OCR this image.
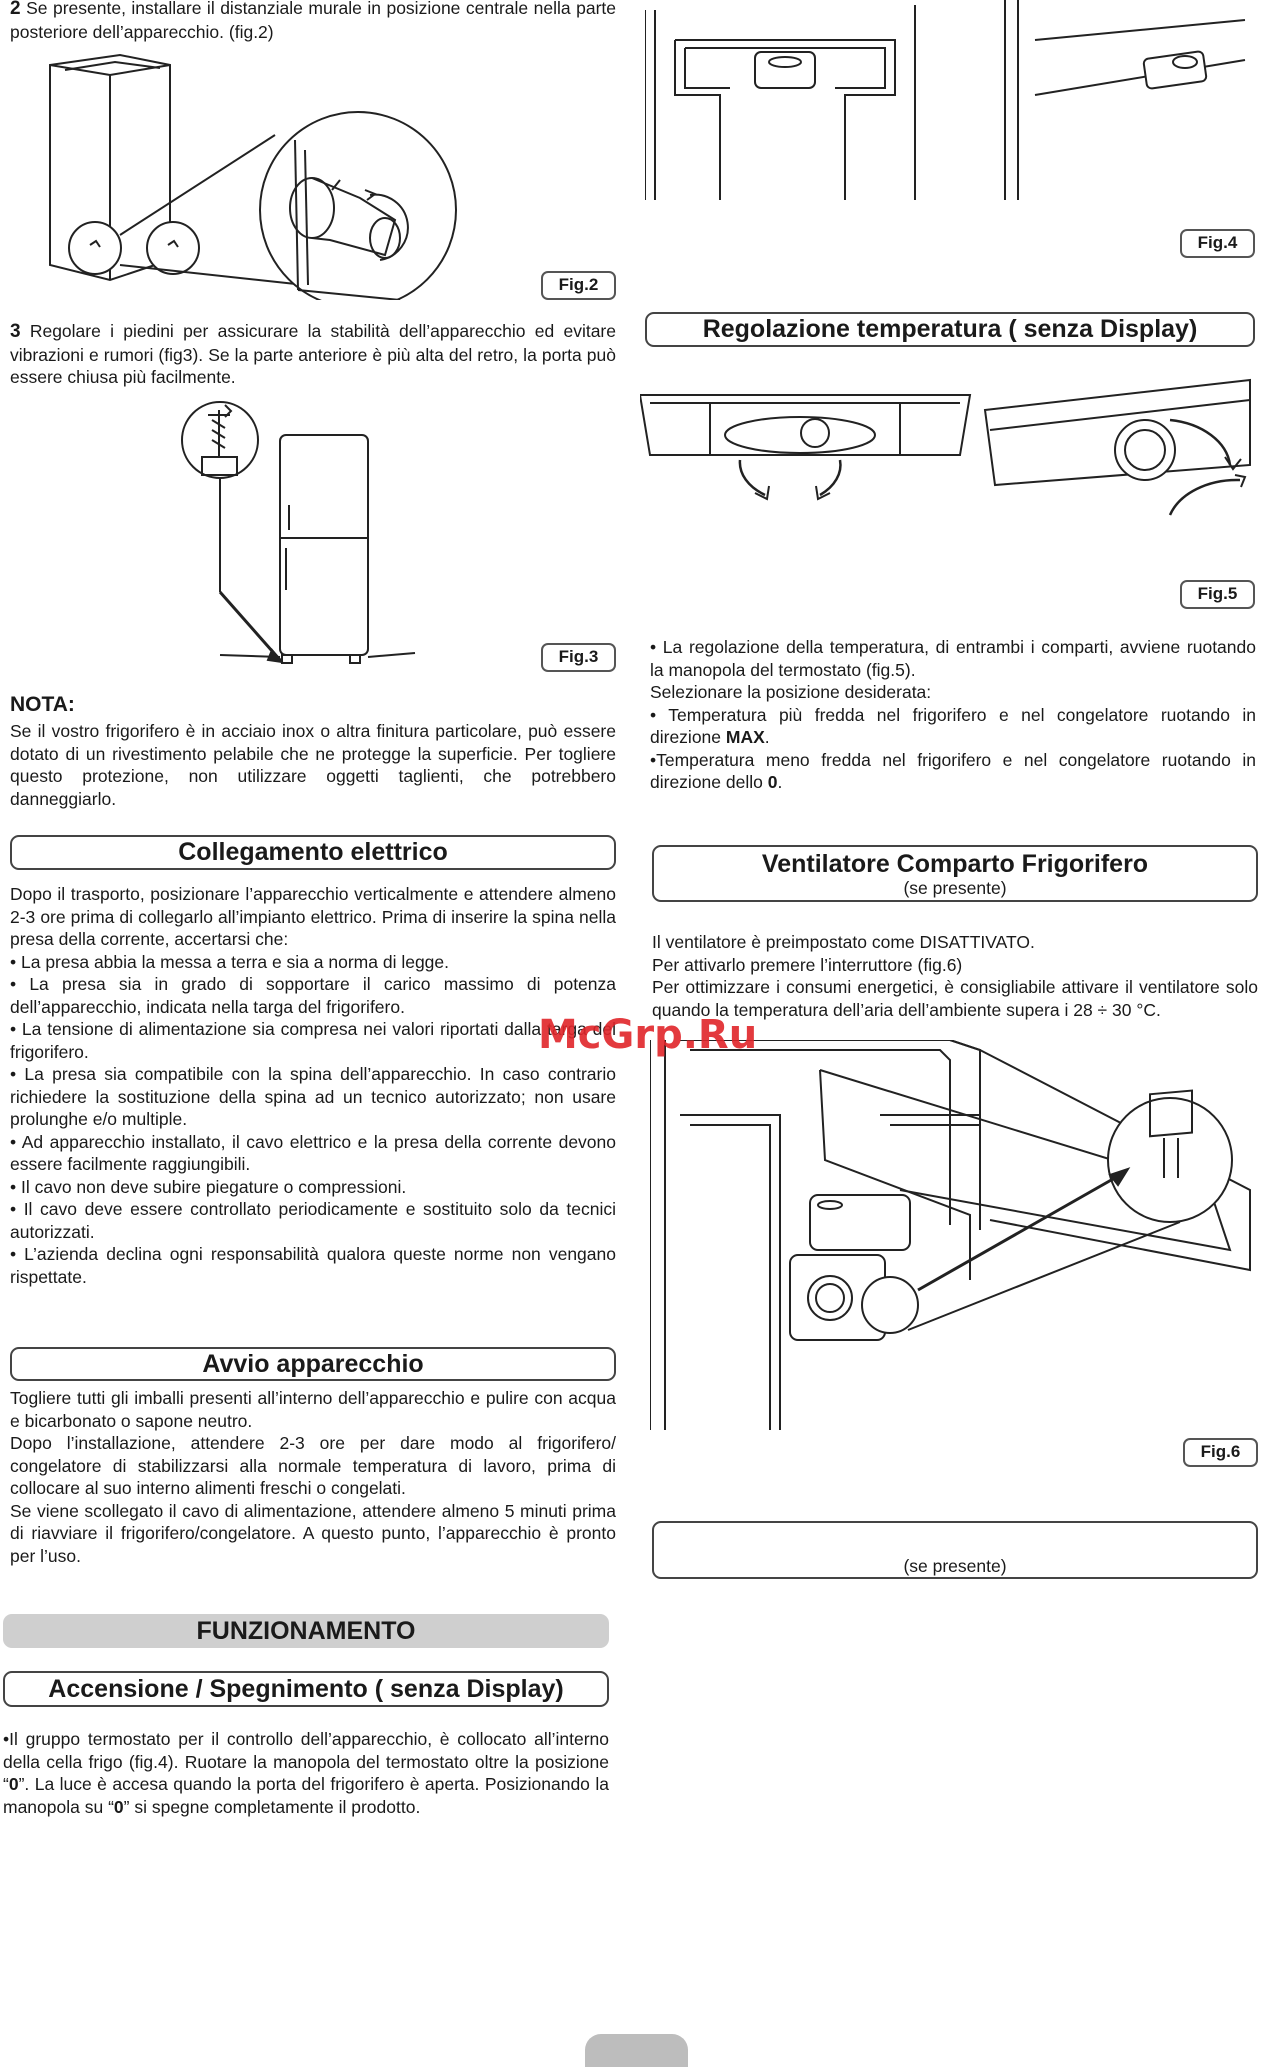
2 Se presente, installare il distanziale murale in posizione centrale nella parte posteriore dell’apparecchio. (fig.2)
Fig.2
3 Regolare i piedini per assicurare la stabilità dell’apparecchio ed evitare vibrazioni e rumori (fig3). Se la parte anteriore è più alta del retro, la porta può essere chiusa più facilmente.
Fig.3
NOTA:
Se il vostro frigorifero è in acciaio inox o altra finitura particolare, può essere dotato di un rivestimento pelabile che ne protegge la superficie. Per togliere questo protezione, non utilizzare oggetti taglienti, che potrebbero danneggiarlo.
Collegamento elettrico

Dopo il trasporto, posizionare l’apparecchio verticalmente e attendere almeno 2-3 ore prima di collegarlo all’impianto elettrico. Prima di inserire la spina nella presa della corrente, accertarsi che:

• La presa abbia la messa a terra e sia a norma di legge.

• La presa sia in grado di sopportare il carico massimo di potenza dell’apparecchio, indicata nella targa del frigorifero.

• La tensione di alimentazione sia compresa nei valori riportati dalla targa del frigorifero.

• La presa sia compatibile con la spina dell’apparecchio. In caso contrario richiedere la sostituzione della spina ad un tecnico autorizzato; non usare prolunghe e/o multiple.

• Ad apparecchio installato, il cavo elettrico e la presa della corrente devono essere facilmente raggiungibili.

• Il cavo non deve subire piegature o compressioni.

• Il cavo deve essere controllato periodicamente e sostituito solo da tecnici autorizzati.

• L’azienda declina ogni responsabilità qualora queste norme non vengano rispettate.

Avvio apparecchio

Togliere tutti gli imballi presenti all’interno dell’apparecchio e pulire con acqua e bicarbonato o sapone neutro.

Dopo l’installazione, attendere 2-3 ore per dare modo al frigorifero/ congelatore di stabilizzarsi alla normale temperatura di lavoro, prima di collocare al suo interno alimenti freschi o congelati.

Se viene scollegato il cavo di alimentazione, attendere almeno 5 minuti prima di riavviare il frigorifero/congelatore. A questo punto, l’apparecchio è pronto per l’uso.

FUNZIONAMENTO
Accensione / Spegnimento ( senza Display)
•Il gruppo termostato per il controllo dell’apparecchio, è collocato all’interno della cella frigo (fig.4). Ruotare la manopola del termostato oltre la posizione “0”. La luce è accesa quando la porta del frigorifero è aperta. Posizionando la manopola su “0” si spegne completamente il prodotto.
Fig.4
Regolazione temperatura ( senza Display)
Fig.5

• La regolazione della temperatura, di entrambi i comparti, avviene ruotando la manopola del termostato (fig.5).

Selezionare la posizione desiderata:

• Temperatura più fredda nel frigorifero e nel congelatore ruotando in direzione MAX.

•Temperatura meno fredda nel frigorifero e nel congelatore ruotando in direzione dello 0.

Ventilatore Comparto Frigorifero
(se presente)

Il ventilatore è preimpostato come DISATTIVATO.

Per attivarlo premere l’interruttore (fig.6)

Per ottimizzare i consumi energetici, è consigliabile attivare il ventilatore solo quando la temperatura dell’aria dell’ambiente supera i 28 ÷ 30 °C.

Fig.6
(se presente)
McGrp.Ru
